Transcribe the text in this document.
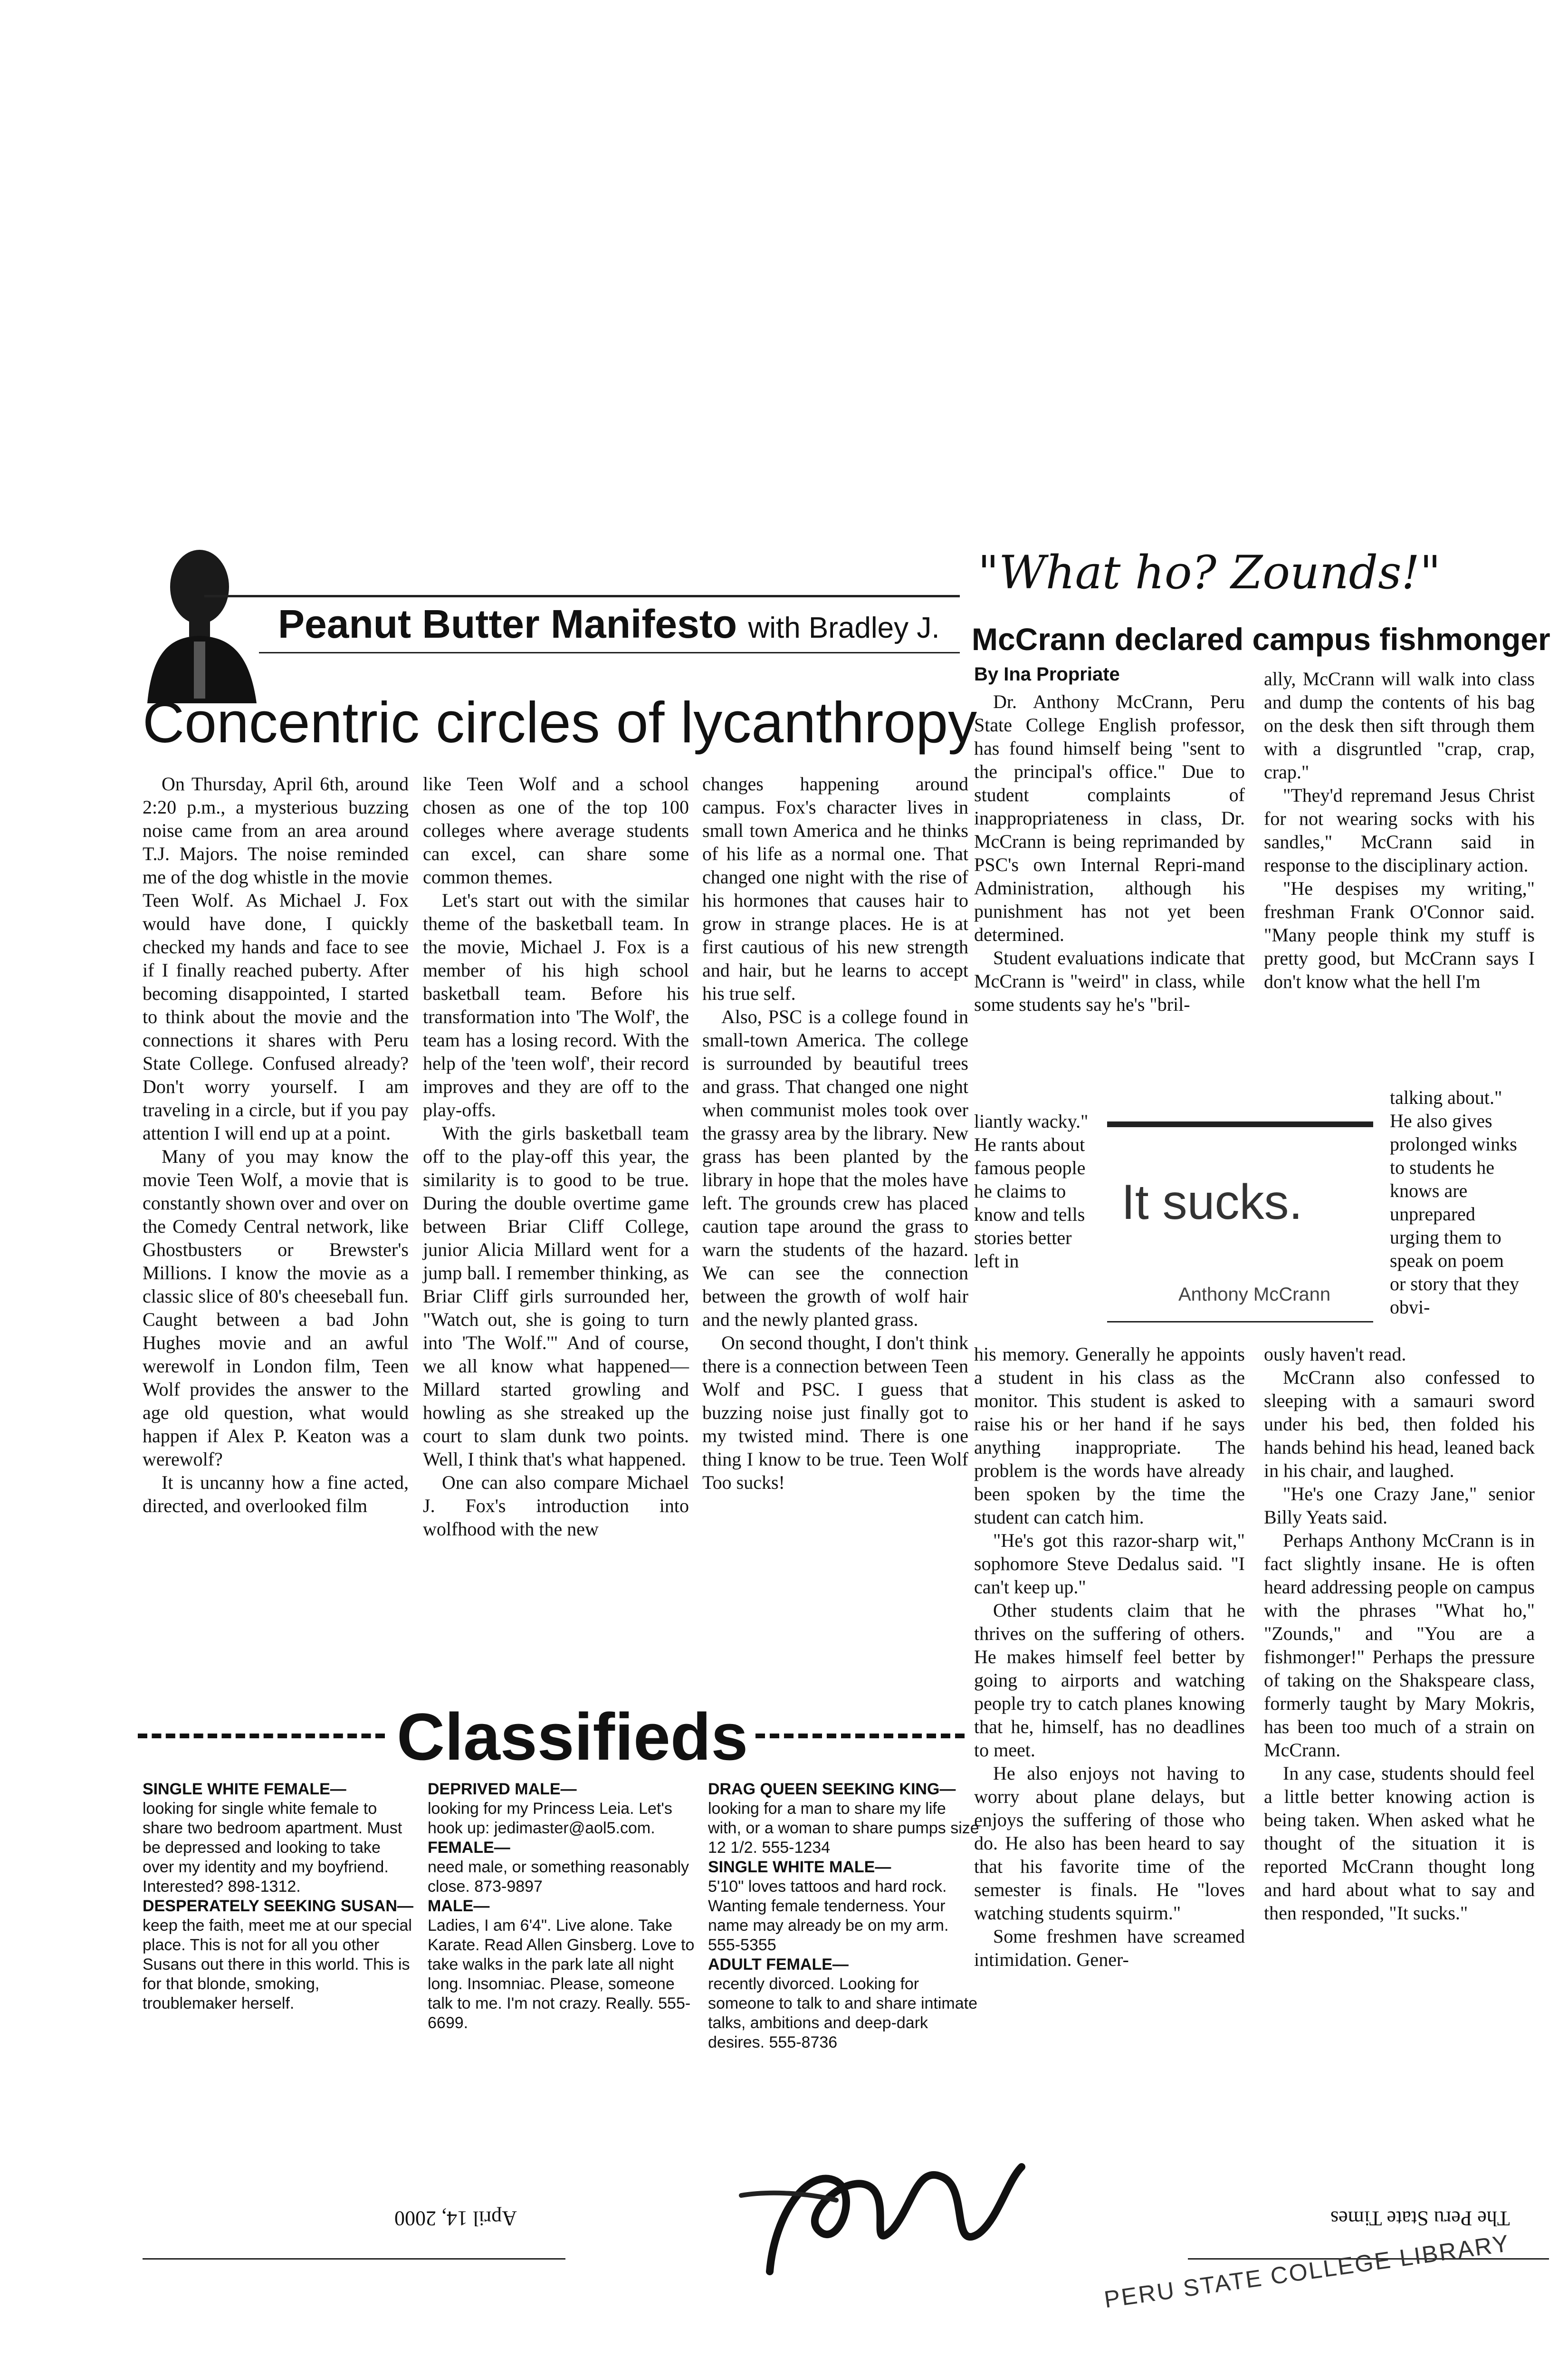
Peanut Butter Manifesto with Bradley J.
Concentric circles of lycanthropy

On Thursday, April 6th, around 2:20 p.m., a mysterious buzzing noise came from an area around T.J. Majors. The noise reminded me of the dog whistle in the movie Teen Wolf. As Michael J. Fox would have done, I quickly checked my hands and face to see if I finally reached puberty. After becoming disappointed, I started to think about the movie and the connections it shares with Peru State College. Confused already? Don't worry yourself. I am traveling in a circle, but if you pay attention I will end up at a point.

Many of you may know the movie Teen Wolf, a movie that is constantly shown over and over on the Comedy Central network, like Ghostbusters or Brewster's Millions. I know the movie as a classic slice of 80's cheeseball fun. Caught between a bad John Hughes movie and an awful werewolf in London film, Teen Wolf provides the answer to the age old question, what would happen if Alex P. Keaton was a werewolf?

It is uncanny how a fine acted, directed, and overlooked film

like Teen Wolf and a school chosen as one of the top 100 colleges where average students can excel, can share some common themes.

Let's start out with the similar theme of the basketball team. In the movie, Michael J. Fox is a member of his high school basketball team. Before his transformation into 'The Wolf', the team has a losing record. With the help of the 'teen wolf', their record improves and they are off to the play-offs.

With the girls basketball team off to the play-off this year, the similarity is to good to be true. During the double overtime game between Briar Cliff College, junior Alicia Millard went for a jump ball. I remember thinking, as Briar Cliff girls surrounded her, "Watch out, she is going to turn into 'The Wolf.'" And of course, we all know what happened—Millard started growling and howling as she streaked up the court to slam dunk two points. Well, I think that's what happened.

One can also compare Michael J. Fox's introduction into wolfhood with the new

changes happening around campus. Fox's character lives in small town America and he thinks of his life as a normal one. That changed one night with the rise of his hormones that causes hair to grow in strange places. He is at first cautious of his new strength and hair, but he learns to accept his true self.

Also, PSC is a college found in small-town America. The college is surrounded by beautiful trees and grass. That changed one night when communist moles took over the grassy area by the library. New grass has been planted by the library in hope that the moles have left. The grounds crew has placed caution tape around the grass to warn the students of the hazard. We can see the connection between the growth of wolf hair and the newly planted grass.

On second thought, I don't think there is a connection between Teen Wolf and PSC. I guess that buzzing noise just finally got to my twisted mind. There is one thing I know to be true. Teen Wolf Too sucks!

Classifieds
SINGLE WHITE FEMALE—
looking for single white female to share two bedroom apartment. Must be depressed and looking to take over my identity and my boyfriend. Interested? 898-1312.
DESPERATELY SEEKING SUSAN—
keep the faith, meet me at our special place. This is not for all you other Susans out there in this world. This is for that blonde, smoking, troublemaker herself.
DEPRIVED MALE—
looking for my Princess Leia. Let's hook up: jedimaster@aol5.com.
FEMALE—
need male, or something reasonably close. 873-9897
MALE—
Ladies, I am 6'4". Live alone. Take Karate. Read Allen Ginsberg. Love to take walks in the park late all night long. Insomniac. Please, someone talk to me. I'm not crazy. Really. 555-6699.
DRAG QUEEN SEEKING KING—
looking for a man to share my life with, or a woman to share pumps size 12 1/2. 555-1234
SINGLE WHITE MALE—
5'10" loves tattoos and hard rock. Wanting female tenderness. Your name may already be on my arm. 555-5355
ADULT FEMALE—
recently divorced. Looking for someone to talk to and share intimate talks, ambitions and deep-dark desires. 555-8736
"What ho? Zounds!"
McCrann declared campus fishmonger
By Ina Propriate

Dr. Anthony McCrann, Peru State College English professor, has found himself being "sent to the principal's office." Due to student complaints of inappropriateness in class, Dr. McCrann is being reprimanded by PSC's own Internal Repri-mand Administration, although his punishment has not yet been determined.

Student evaluations indicate that McCrann is "weird" in class, while some students say he's "bril-

liantly wacky." He rants about famous people he claims to know and tells stories better left in

his memory. Generally he appoints a student in his class as the monitor. This student is asked to raise his or her hand if he says anything inappropriate. The problem is the words have already been spoken by the time the student can catch him.

"He's got this razor-sharp wit," sophomore Steve Dedalus said. "I can't keep up."

Other students claim that he thrives on the suffering of others. He makes himself feel better by going to airports and watching people try to catch planes knowing that he, himself, has no deadlines to meet.

He also enjoys not having to worry about plane delays, but enjoys the suffering of those who do. He also has been heard to say that his favorite time of the semester is finals. He "loves watching students squirm."

Some freshmen have screamed intimidation. Gener-

ally, McCrann will walk into class and dump the contents of his bag on the desk then sift through them with a disgruntled "crap, crap, crap."

"They'd repremand Jesus Christ for not wearing socks with his sandles," McCrann said in response to the disciplinary action.

"He despises my writing," freshman Frank O'Connor said. "Many people think my stuff is pretty good, but McCrann says I don't know what the hell I'm

talking about." He also gives prolonged winks to students he knows are unprepared urging them to speak on poem or story that they obvi-

ously haven't read.

McCrann also confessed to sleeping with a samauri sword under his bed, then folded his hands behind his head, leaned back in his chair, and laughed.

"He's one Crazy Jane," senior Billy Yeats said.

Perhaps Anthony McCrann is in fact slightly insane. He is often heard addressing people on campus with the phrases "What ho," "Zounds," and "You are a fishmonger!" Perhaps the pressure of taking on the Shakspeare class, formerly taught by Mary Mokris, has been too much of a strain on McCrann.

In any case, students should feel a little better knowing action is being taken. When asked what he thought of the situation it is reported McCrann thought long and hard about what to say and then responded, "It sucks."

It sucks.
Anthony McCrann
April 14, 2000	The Peru State Times
PERU STATE COLLEGE LIBRARY
